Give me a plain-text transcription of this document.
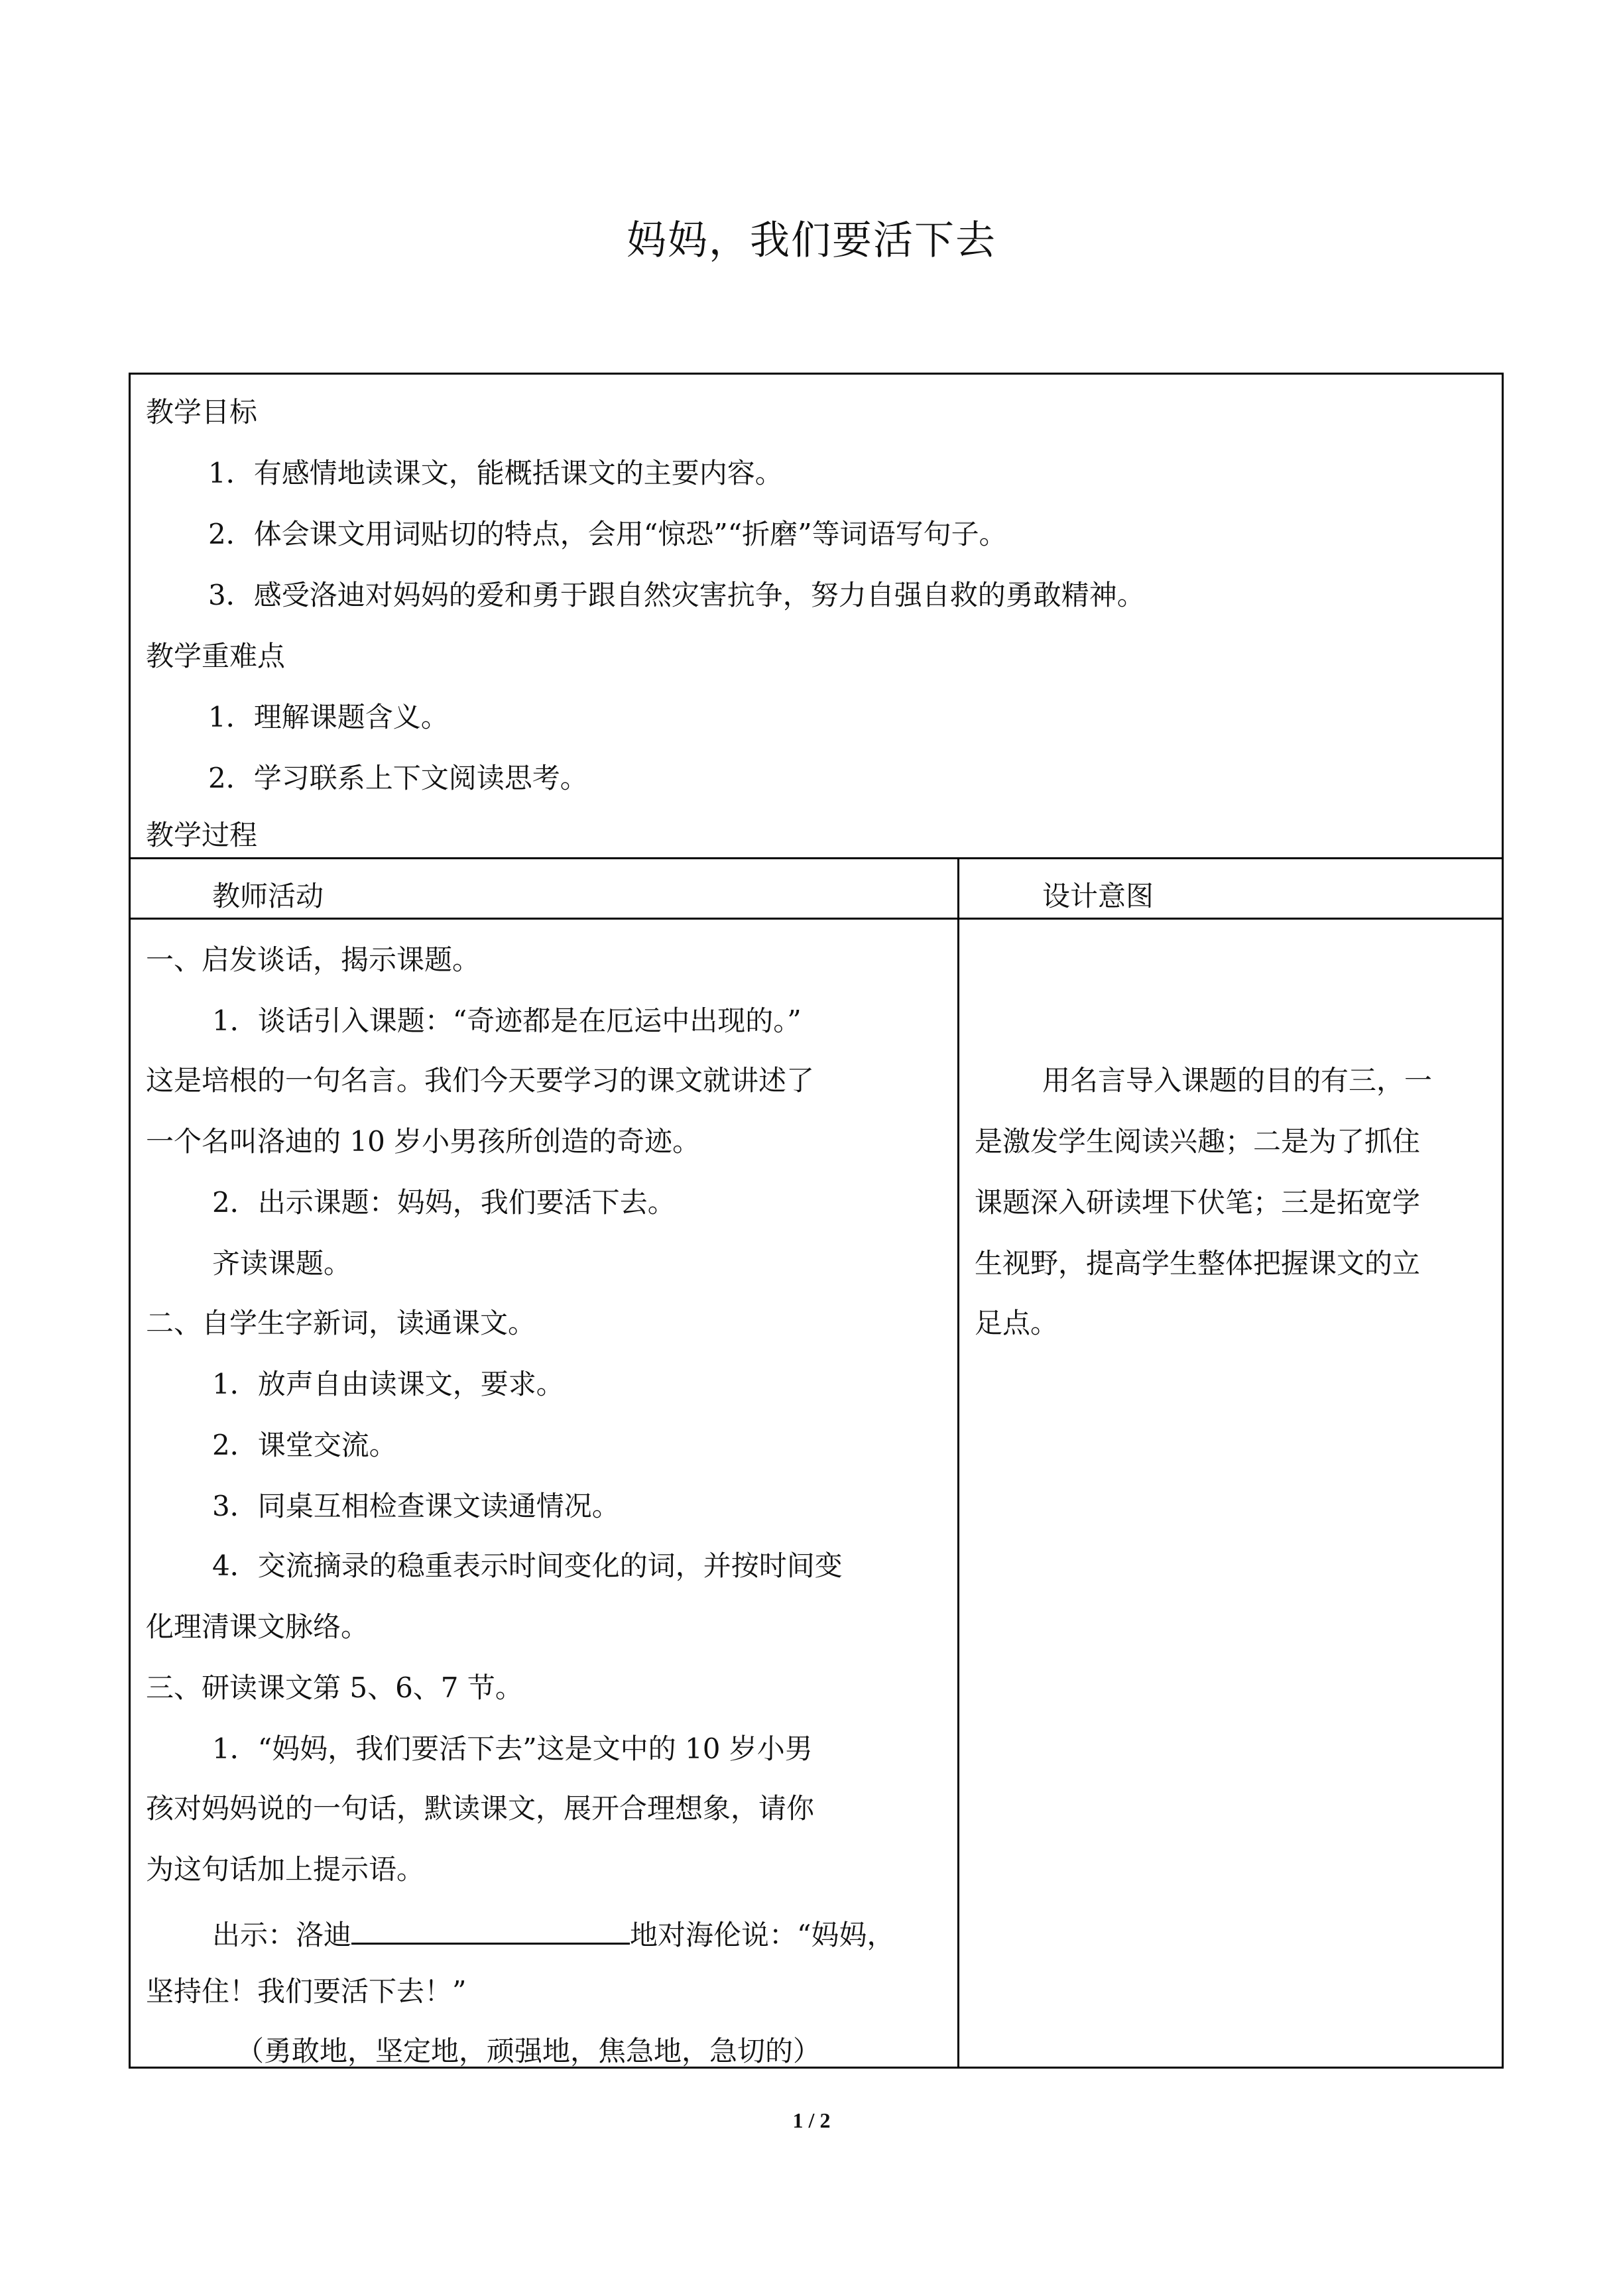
妈妈，我们要活下去
教学目标
1．有感情地读课文，能概括课文的主要内容。
2．体会课文用词贴切的特点，会用“惊恐”“折磨”等词语写句子。
3．感受洛迪对妈妈的爱和勇于跟自然灾害抗争，努力自强自救的勇敢精神。
教学重难点
1．理解课题含义。
2．学习联系上下文阅读思考。
教学过程
教师活动	设计意图
一、启发谈话，揭示课题。
1．谈话引入课题：“奇迹都是在厄运中出现的。”
这是培根的一句名言。我们今天要学习的课文就讲述了
一个名叫洛迪的 10 岁小男孩所创造的奇迹。
2．出示课题：妈妈，我们要活下去。
齐读课题。
二、自学生字新词，读通课文。
1．放声自由读课文，要求。
2．课堂交流。
3．同桌互相检查课文读通情况。
4．交流摘录的稳重表示时间变化的词，并按时间变
化理清课文脉络。
三、研读课文第 5、6、7 节。
1．“妈妈，我们要活下去”这是文中的 10 岁小男
孩对妈妈说的一句话，默读课文，展开合理想象，请你
为这句话加上提示语。
出示：洛迪	地对海伦说：“妈妈，
坚持住！我们要活下去！”
（勇敢地，坚定地，顽强地，焦急地，急切的）
用名言导入课题的目的有三，一
是激发学生阅读兴趣；二是为了抓住
课题深入研读埋下伏笔；三是拓宽学
生视野，提高学生整体把握课文的立
足点。
1 / 2
